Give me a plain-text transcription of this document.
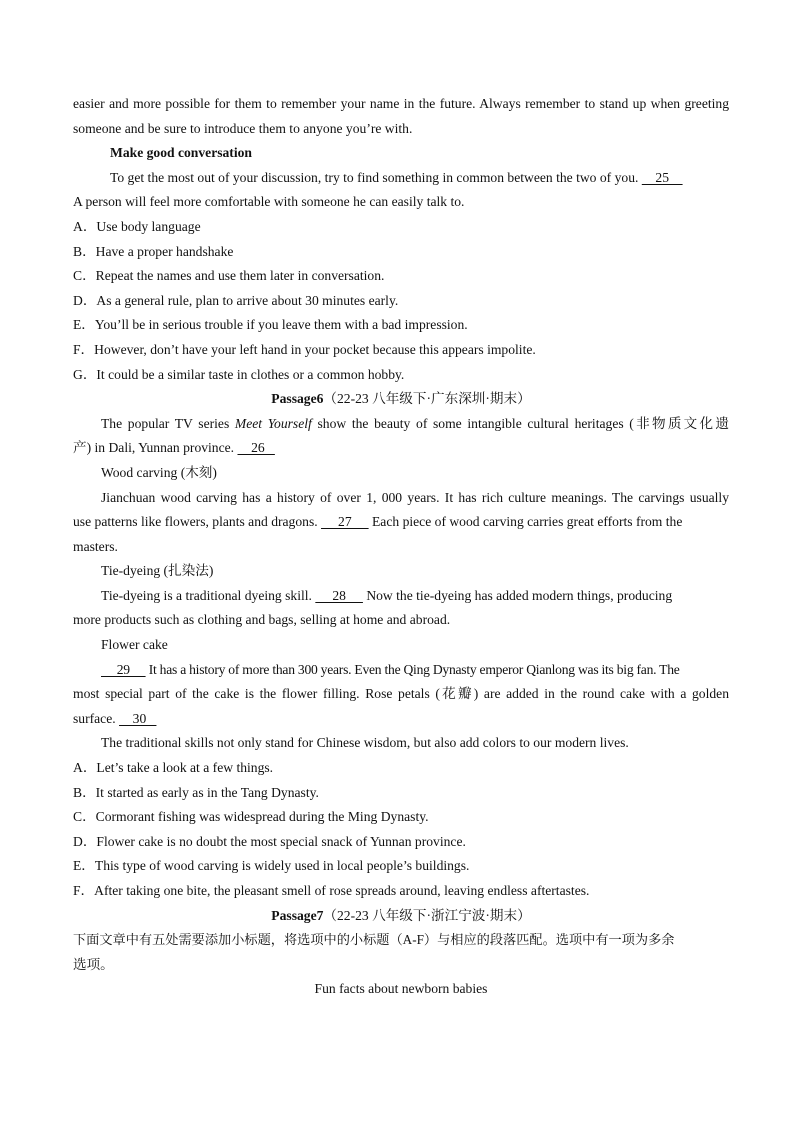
easier and more possible for them to remember your name in the future. Always remember to stand up when greeting
someone and be sure to introduce them to anyone you’re with.
Make good conversation
To get the most out of your discussion, try to find something in common between the two of you.     25
A person will feel more comfortable with someone he can easily talk to.
A．Use body language
B．Have a proper handshake
C．Repeat the names and use them later in conversation.
D．As a general rule, plan to arrive about 30 minutes early.
E．You’ll be in serious trouble if you leave them with a bad impression.
F．However, don’t have your left hand in your pocket because this appears impolite.
G．It could be a similar taste in clothes or a common hobby.
Passage6（22-23 八年级下·广东深圳·期末）
The popular TV series Meet Yourself show the beauty of some intangible cultural heritages (非物质文化遗
产) in Dali, Yunnan province.     26
Wood carving (木刻)
Jianchuan wood carving has a history of over 1, 000 years. It has rich culture meanings. The carvings usually
use patterns like flowers, plants and dragons.      27      Each piece of wood carving carries great efforts from the
masters.
Tie-dyeing (扎染法)
Tie-dyeing is a traditional dyeing skill.      28      Now the tie-dyeing has added modern things, producing
more products such as clothing and bags, selling at home and abroad.
Flower cake
29      It has a history of more than 300 years. Even the Qing Dynasty emperor Qianlong was its big fan. The
most special part of the cake is the flower filling. Rose petals (花瓣) are added in the round cake with a golden
surface.     30
The traditional skills not only stand for Chinese wisdom, but also add colors to our modern lives.
A．Let’s take a look at a few things.
B．It started as early as in the Tang Dynasty.
C．Cormorant fishing was widespread during the Ming Dynasty.
D．Flower cake is no doubt the most special snack of Yunnan province.
E．This type of wood carving is widely used in local people’s buildings.
F．After taking one bite, the pleasant smell of rose spreads around, leaving endless aftertastes.
Passage7（22-23 八年级下·浙江宁波·期末）
下面文章中有五处需要添加小标题，将选项中的小标题（A-F）与相应的段落匹配。选项中有一项为多余
选项。
Fun facts about newborn babies
